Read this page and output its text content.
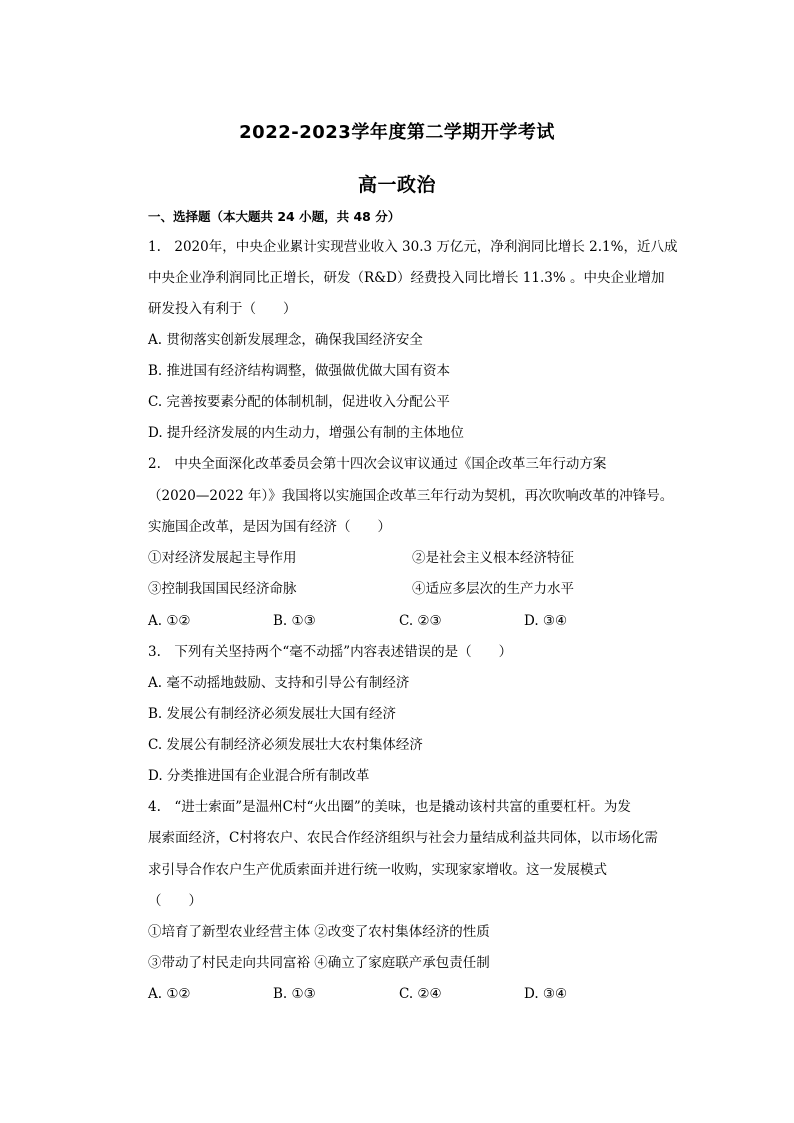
2022-2023学年度第二学期开学考试
高一政治
一、选择题（本大题共 24 小题，共 48 分）
1.　2020年，中央企业累计实现营业收入 30.3 万亿元，净利润同比增长 2.1%，近八成
中央企业净利润同比正增长，研发（R&D）经费投入同比增长 11.3% 。中央企业增加
研发投入有利于（　　）
A. 贯彻落实创新发展理念，确保我国经济安全
B. 推进国有经济结构调整，做强做优做大国有资本
C. 完善按要素分配的体制机制，促进收入分配公平
D. 提升经济发展的内生动力，增强公有制的主体地位
2.　中央全面深化改革委员会第十四次会议审议通过《国企改革三年行动方案
（2020—2022 年）》我国将以实施国企改革三年行动为契机，再次吹响改革的冲锋号。
实施国企改革，是因为国有经济（　　）
①对经济发展起主导作用	②是社会主义根本经济特征
③控制我国国民经济命脉	④适应多层次的生产力水平
A. ①②	B. ①③	C. ②③	D. ③④
3.　下列有关坚持两个“毫不动摇”内容表述错误的是（　　）
A. 毫不动摇地鼓励、支持和引导公有制经济
B. 发展公有制经济必须发展壮大国有经济
C. 发展公有制经济必须发展壮大农村集体经济
D. 分类推进国有企业混合所有制改革
4.　“进士索面”是温州C村“火出圈”的美味，也是撬动该村共富的重要杠杆。为发
展索面经济，C村将农户、农民合作经济组织与社会力量结成利益共同体，以市场化需
求引导合作农户生产优质索面并进行统一收购，实现家家增收。这一发展模式
（　　）
①培育了新型农业经营主体 ②改变了农村集体经济的性质
③带动了村民走向共同富裕 ④确立了家庭联产承包责任制
A. ①②	B. ①③	C. ②④	D. ③④
